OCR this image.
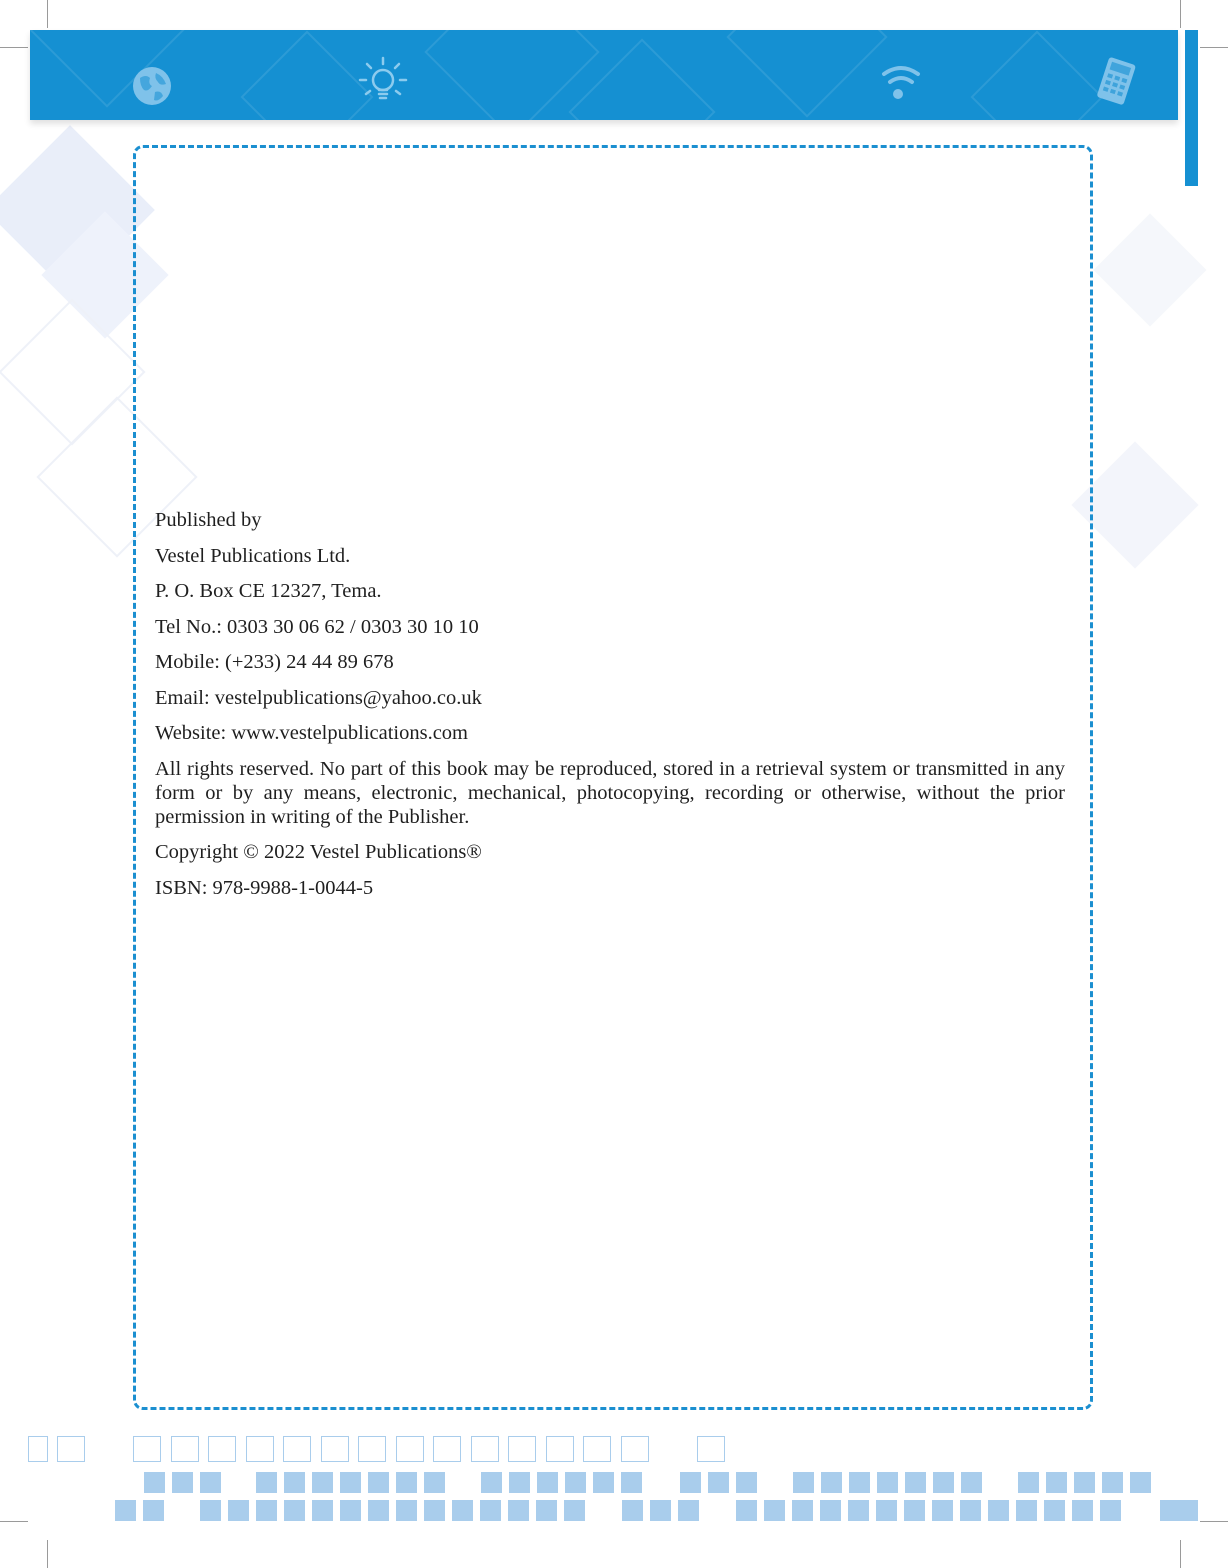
Published by

Vestel Publications Ltd.

P. O. Box CE 12327, Tema.

Tel No.: 0303 30 06 62 / 0303 30 10 10

Mobile: (+233) 24 44 89 678

Email: vestelpublications@yahoo.co.uk

Website: www.vestelpublications.com

All rights reserved. No part of this book may be reproduced, stored in a retrieval system or transmitted in any form or by any means, electronic, mechanical, photocopying, recording or otherwise, without the prior permission in writing of the Publisher.

Copyright © 2022 Vestel Publications®

ISBN: 978-9988-1-0044-5
